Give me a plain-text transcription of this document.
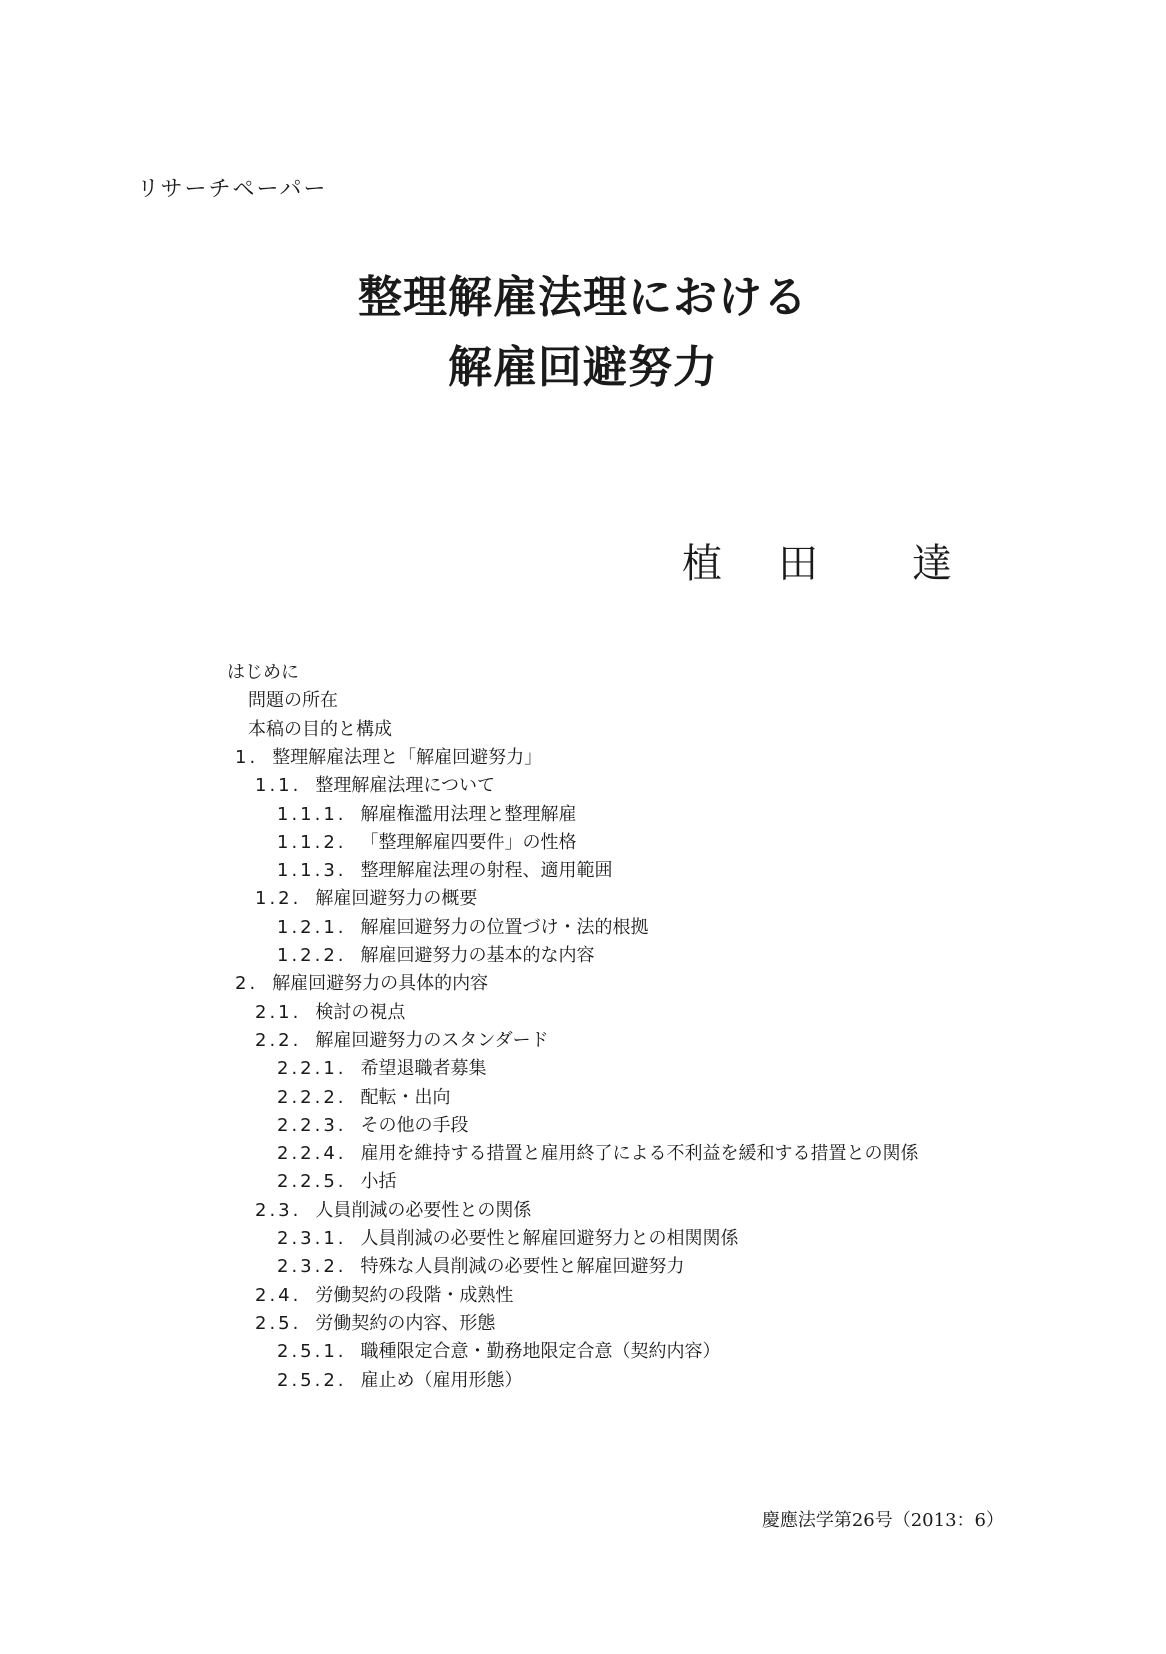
リサーチペーパー
整理解雇法理における
解雇回避努力
植 田 達
はじめに
問題の所在
本稿の目的と構成
1. 整理解雇法理と「解雇回避努力」
1.1. 整理解雇法理について
1.1.1. 解雇権濫用法理と整理解雇
1.1.2. 「整理解雇四要件」の性格
1.1.3. 整理解雇法理の射程、適用範囲
1.2. 解雇回避努力の概要
1.2.1. 解雇回避努力の位置づけ・法的根拠
1.2.2. 解雇回避努力の基本的な内容
2. 解雇回避努力の具体的内容
2.1. 検討の視点
2.2. 解雇回避努力のスタンダード
2.2.1. 希望退職者募集
2.2.2. 配転・出向
2.2.3. その他の手段
2.2.4. 雇用を維持する措置と雇用終了による不利益を緩和する措置との関係
2.2.5. 小括
2.3. 人員削減の必要性との関係
2.3.1. 人員削減の必要性と解雇回避努力との相関関係
2.3.2. 特殊な人員削減の必要性と解雇回避努力
2.4. 労働契約の段階・成熟性
2.5. 労働契約の内容、形態
2.5.1. 職種限定合意・勤務地限定合意（契約内容）
2.5.2. 雇止め（雇用形態）
慶應法学第26号（2013：6）
